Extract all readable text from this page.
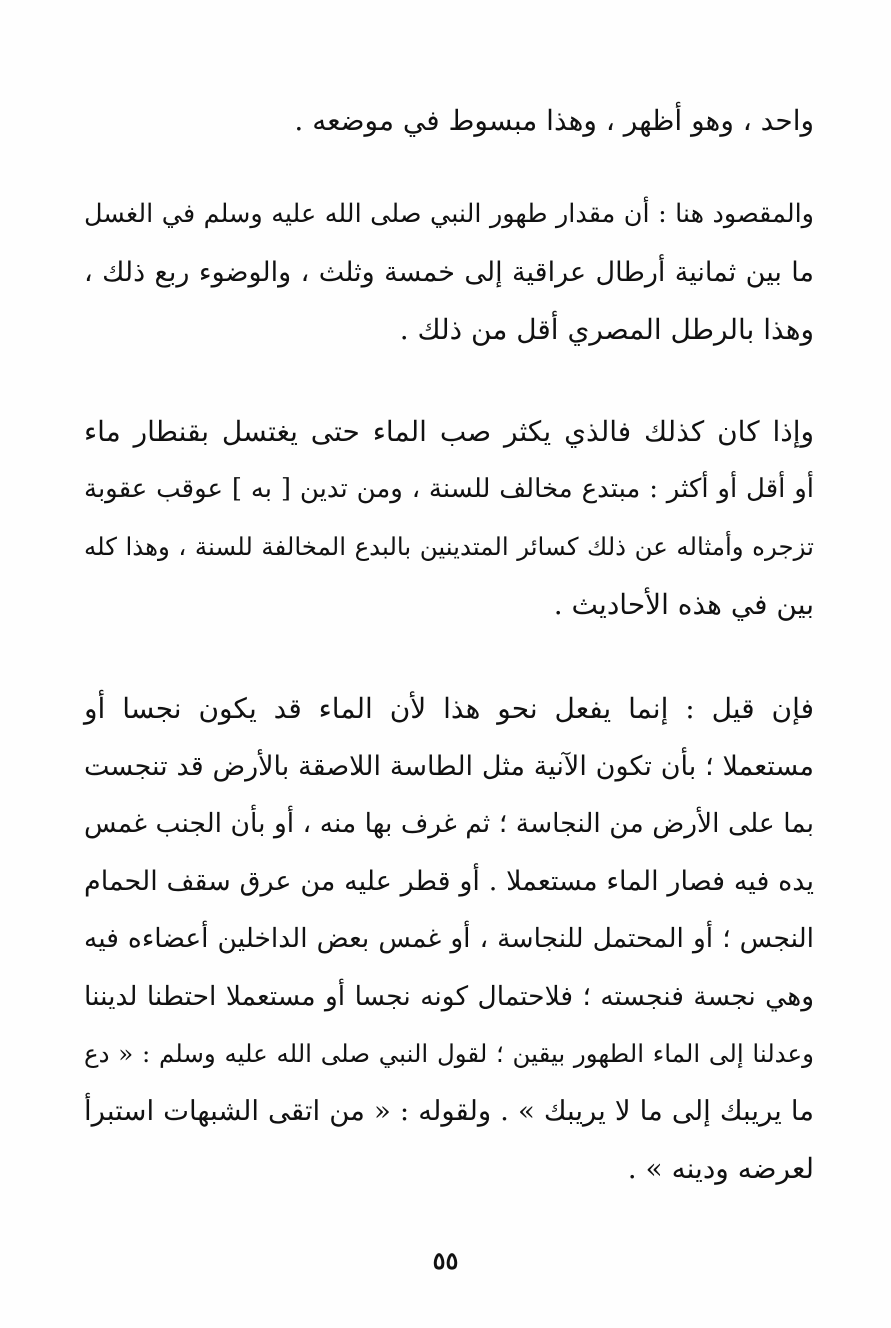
واحد ، وهو أظهر ، وهذا مبسوط في موضعه .
والمقصود هنا : أن مقدار طهور النبي صلى الله عليه وسلم في الغسل
ما بين ثمانية أرطال عراقية إلى خمسة وثلث ، والوضوء ربع ذلك ،
وهذا بالرطل المصري أقل من ذلك .
وإذا كان كذلك فالذي يكثر صب الماء حتى يغتسل بقنطار ماء
أو أقل أو أكثر : مبتدع مخالف للسنة ، ومن تدين [ به ] عوقب عقوبة
تزجره وأمثاله عن ذلك كسائر المتدينين بالبدع المخالفة للسنة ، وهذا كله
بين في هذه الأحاديث .
فإن قيل : إنما يفعل نحو هذا لأن الماء قد يكون نجسا أو
مستعملا ؛ بأن تكون الآنية مثل الطاسة اللاصقة بالأرض قد تنجست
بما على الأرض من النجاسة ؛ ثم غرف بها منه ، أو بأن الجنب غمس
يده فيه فصار الماء مستعملا . أو قطر عليه من عرق سقف الحمام
النجس ؛ أو المحتمل للنجاسة ، أو غمس بعض الداخلين أعضاءه فيه
وهي نجسة فنجسته ؛ فلاحتمال كونه نجسا أو مستعملا احتطنا لديننا
وعدلنا إلى الماء الطهور بيقين ؛ لقول النبي صلى الله عليه وسلم : « دع
ما يريبك إلى ما لا يريبك » . ولقوله : « من اتقى الشبهات استبرأ
لعرضه ودينه » .
٥٥
